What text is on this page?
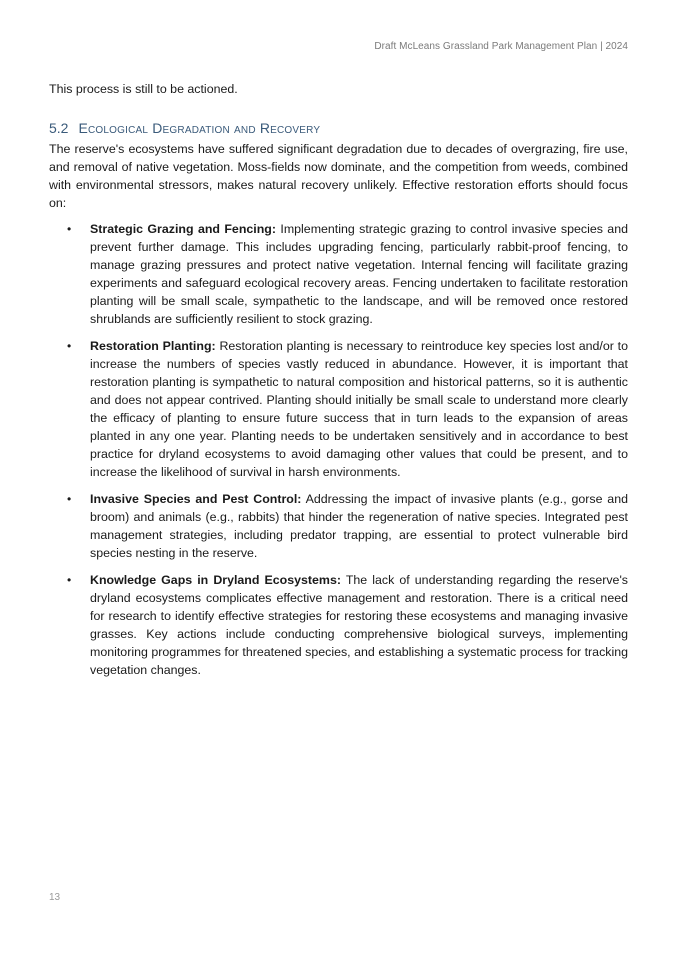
Draft McLeans Grassland Park Management Plan | 2024

This process is still to be actioned.

5.2 Ecological Degradation and Recovery

The reserve's ecosystems have suffered significant degradation due to decades of overgrazing, fire use, and removal of native vegetation. Moss-fields now dominate, and the competition from weeds, combined with environmental stressors, makes natural recovery unlikely. Effective restoration efforts should focus on:

• Strategic Grazing and Fencing: Implementing strategic grazing to control invasive species and prevent further damage. This includes upgrading fencing, particularly rabbit-proof fencing, to manage grazing pressures and protect native vegetation. Internal fencing will facilitate grazing experiments and safeguard ecological recovery areas. Fencing undertaken to facilitate restoration planting will be small scale, sympathetic to the landscape, and will be removed once restored shrublands are sufficiently resilient to stock grazing.
• Restoration Planting: Restoration planting is necessary to reintroduce key species lost and/or to increase the numbers of species vastly reduced in abundance. However, it is important that restoration planting is sympathetic to natural composition and historical patterns, so it is authentic and does not appear contrived. Planting should initially be small scale to understand more clearly the efficacy of planting to ensure future success that in turn leads to the expansion of areas planted in any one year. Planting needs to be undertaken sensitively and in accordance to best practice for dryland ecosystems to avoid damaging other values that could be present, and to increase the likelihood of survival in harsh environments.
• Invasive Species and Pest Control: Addressing the impact of invasive plants (e.g., gorse and broom) and animals (e.g., rabbits) that hinder the regeneration of native species. Integrated pest management strategies, including predator trapping, are essential to protect vulnerable bird species nesting in the reserve.
• Knowledge Gaps in Dryland Ecosystems: The lack of understanding regarding the reserve's dryland ecosystems complicates effective management and restoration. There is a critical need for research to identify effective strategies for restoring these ecosystems and managing invasive grasses. Key actions include conducting comprehensive biological surveys, implementing monitoring programmes for threatened species, and establishing a systematic process for tracking vegetation changes.
13
